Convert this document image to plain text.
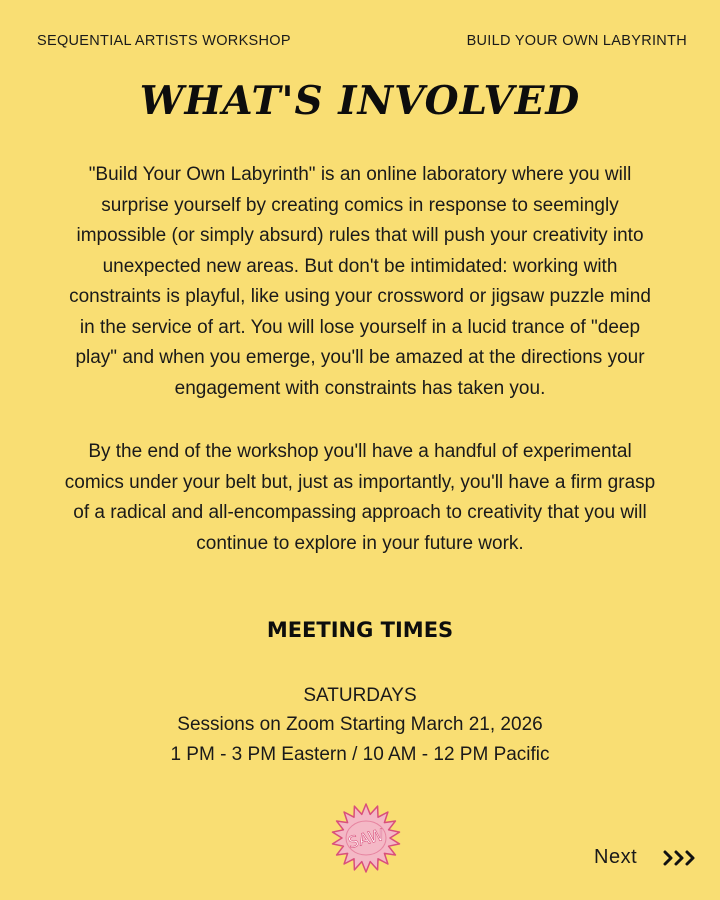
SEQUENTIAL ARTISTS WORKSHOP	BUILD YOUR OWN LABYRINTH
WHAT'S INVOLVED
"Build Your Own Labyrinth" is an online laboratory where you will surprise yourself by creating comics in response to seemingly impossible (or simply absurd) rules that will push your creativity into unexpected new areas. But don't be intimidated: working with constraints is playful, like using your crossword or jigsaw puzzle mind in the service of art. You will lose yourself in a lucid trance of "deep play" and when you emerge, you'll be amazed at the directions your engagement with constraints has taken you.
By the end of the workshop you'll have a handful of experimental comics under your belt but, just as importantly, you'll have a firm grasp of a radical and all-encompassing approach to creativity that you will continue to explore in your future work.
MEETING TIMES
SATURDAYS
Sessions on Zoom Starting March 21, 2026
1 PM - 3 PM Eastern / 10 AM - 12 PM Pacific
SAW
Next
